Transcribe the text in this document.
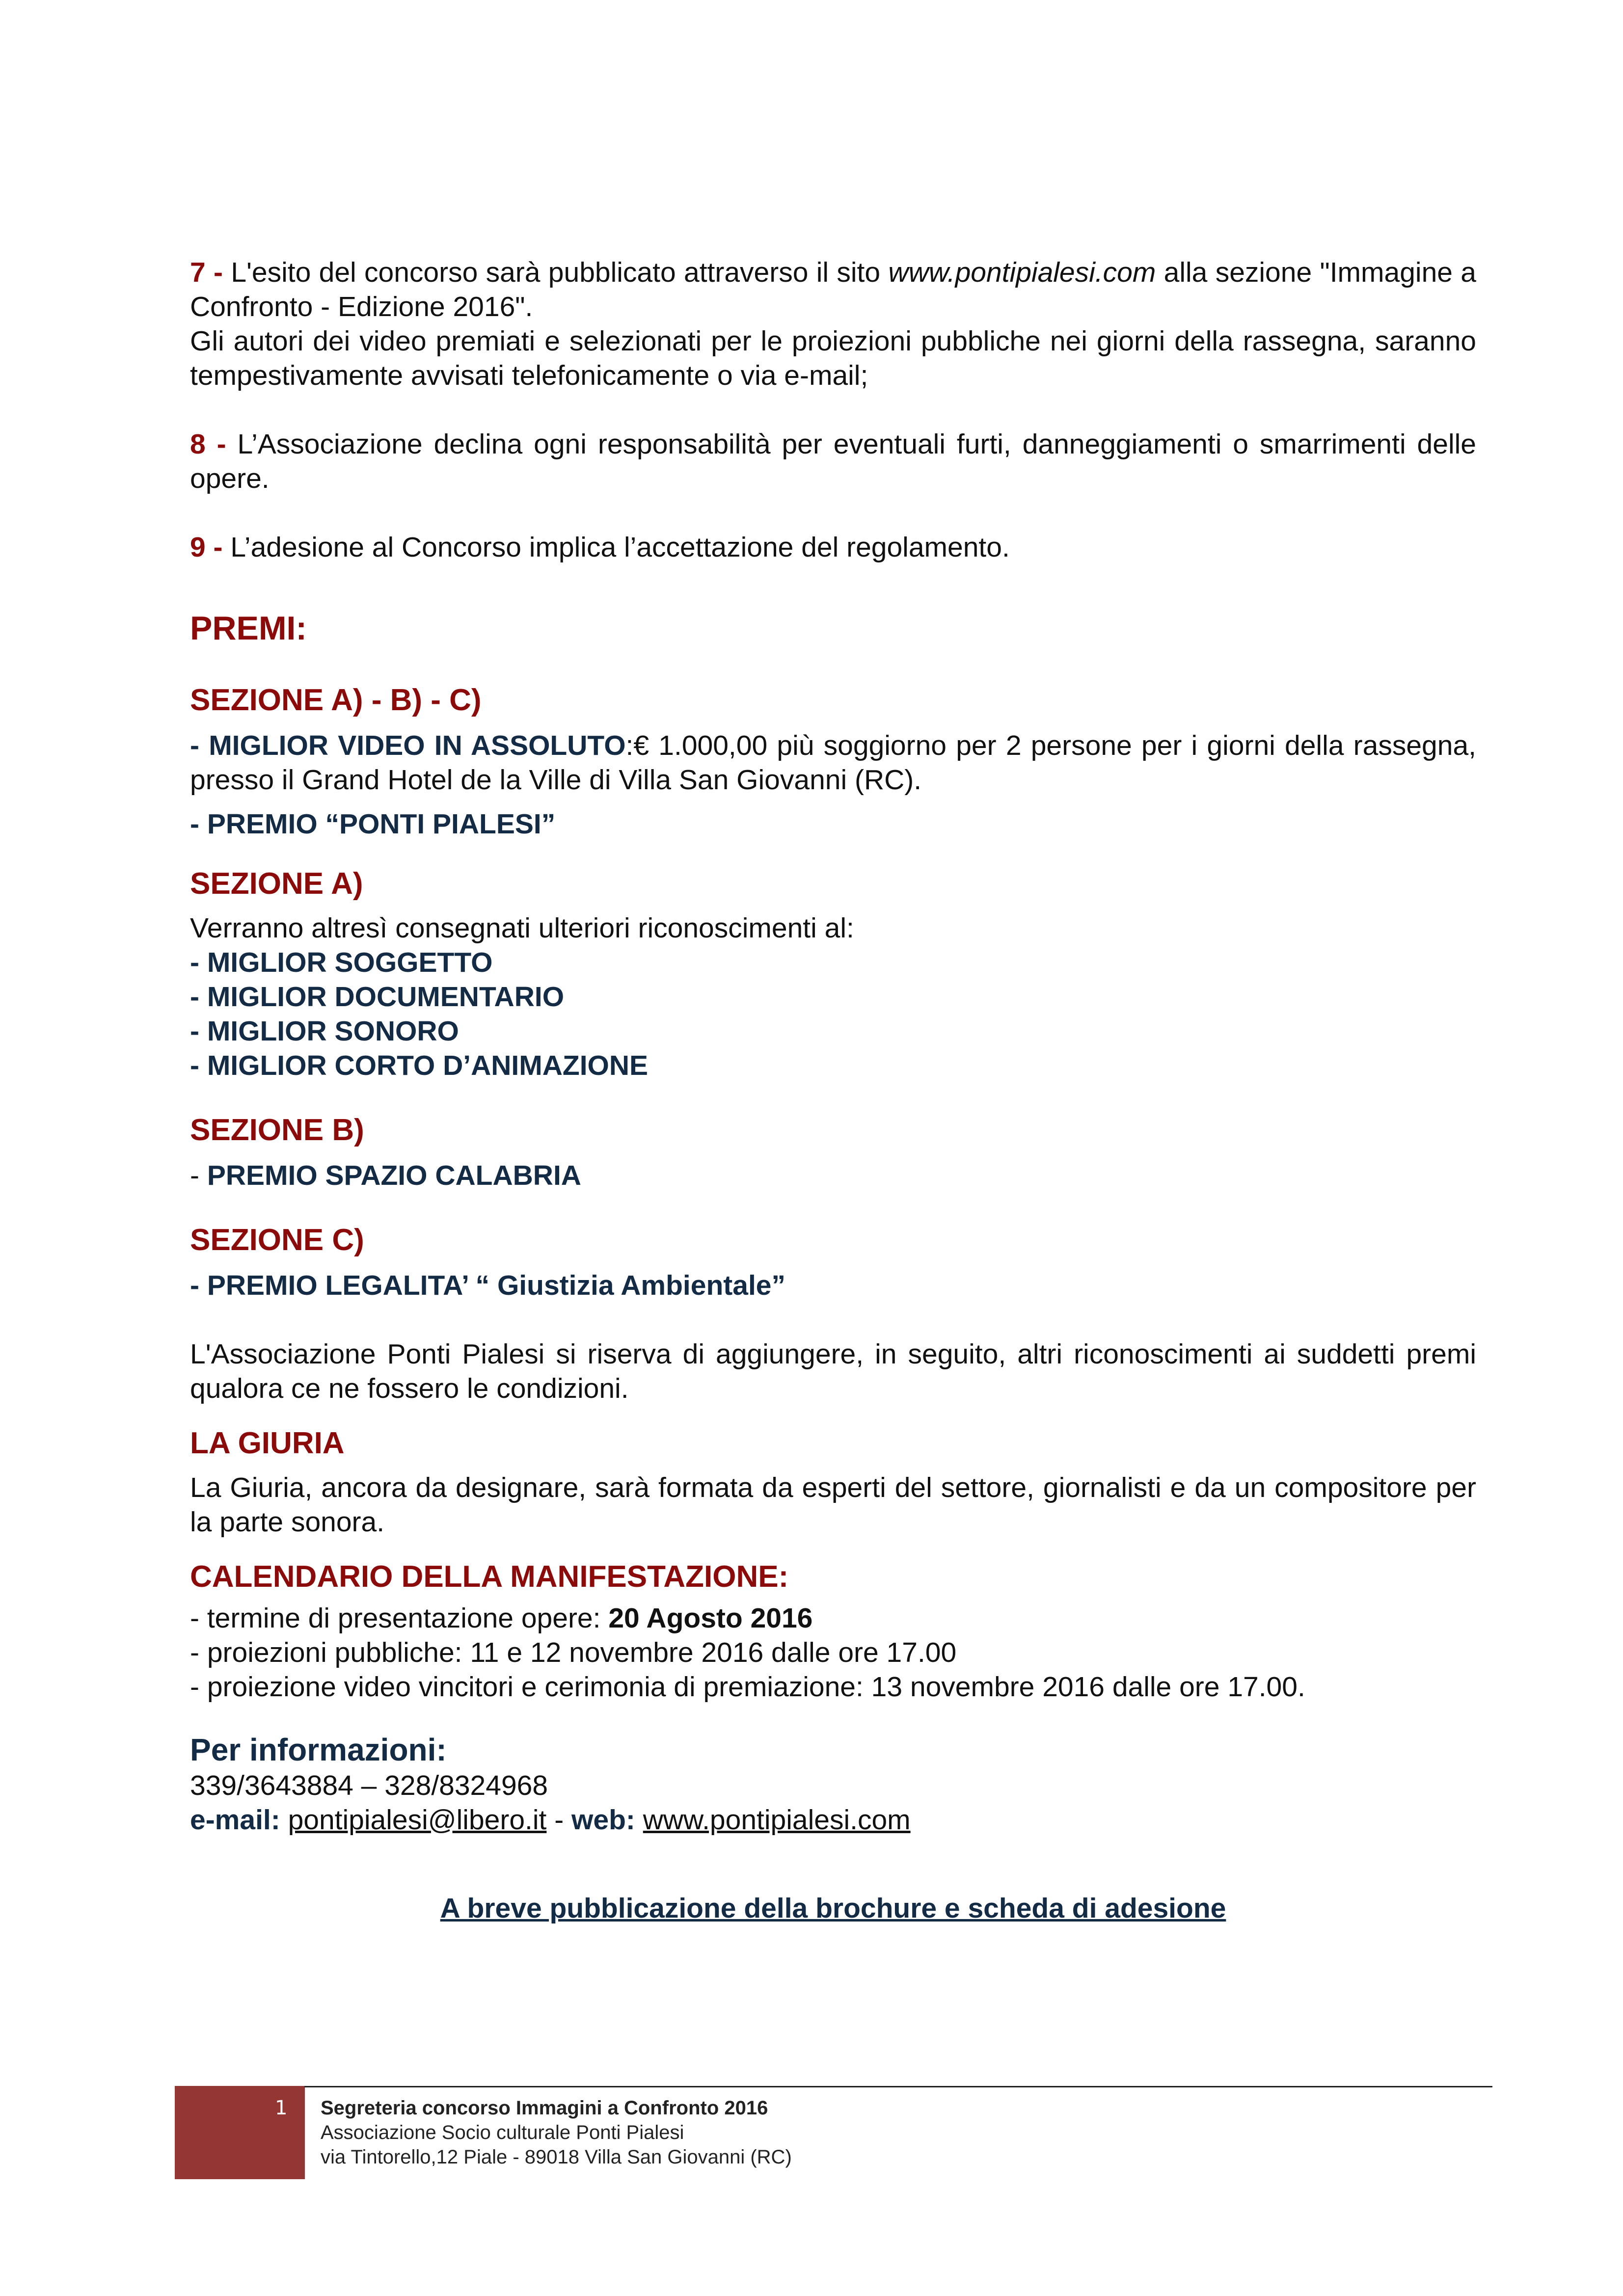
7 - L'esito del concorso sarà pubblicato attraverso il sito www.pontipialesi.com alla sezione "Immagine a Confronto - Edizione 2016".

Gli autori dei video premiati e selezionati per le proiezioni pubbliche nei giorni della rassegna, saranno tempestivamente avvisati telefonicamente o via e-mail;

8 - L’Associazione declina ogni responsabilità per eventuali furti, danneggiamenti o smarrimenti delle opere.

9 - L’adesione al Concorso implica l’accettazione del regolamento.

PREMI:
SEZIONE A) - B) - C)

- MIGLIOR VIDEO IN ASSOLUTO:€ 1.000,00 più soggiorno per 2 persone per i giorni della rassegna, presso il Grand Hotel de la Ville di Villa San Giovanni (RC).

- PREMIO “PONTI PIALESI”

SEZIONE A)

Verranno altresì consegnati ulteriori riconoscimenti al:

- MIGLIOR SOGGETTO

- MIGLIOR DOCUMENTARIO

- MIGLIOR SONORO

- MIGLIOR CORTO D’ANIMAZIONE

SEZIONE B)

- PREMIO SPAZIO CALABRIA

SEZIONE C)

- PREMIO LEGALITA’ “ Giustizia Ambientale”

L'Associazione Ponti Pialesi si riserva di aggiungere, in seguito, altri riconoscimenti ai suddetti premi qualora ce ne fossero le condizioni.

LA GIURIA

La Giuria, ancora da designare, sarà formata da esperti del settore, giornalisti e da un compositore per la parte sonora.

CALENDARIO DELLA MANIFESTAZIONE:

- termine di presentazione opere: 20 Agosto 2016

- proiezioni pubbliche: 11 e 12 novembre 2016 dalle ore 17.00

- proiezione video vincitori e cerimonia di premiazione: 13 novembre 2016 dalle ore 17.00.

Per informazioni:

339/3643884 – 328/8324968

e-mail: pontipialesi@libero.it - web: www.pontipialesi.com

A breve pubblicazione della brochure e scheda di adesione

1 Segreteria concorso Immagini a Confronto 2016
Associazione Socio culturale Ponti Pialesi
via Tintorello,12 Piale - 89018 Villa San Giovanni (RC)
